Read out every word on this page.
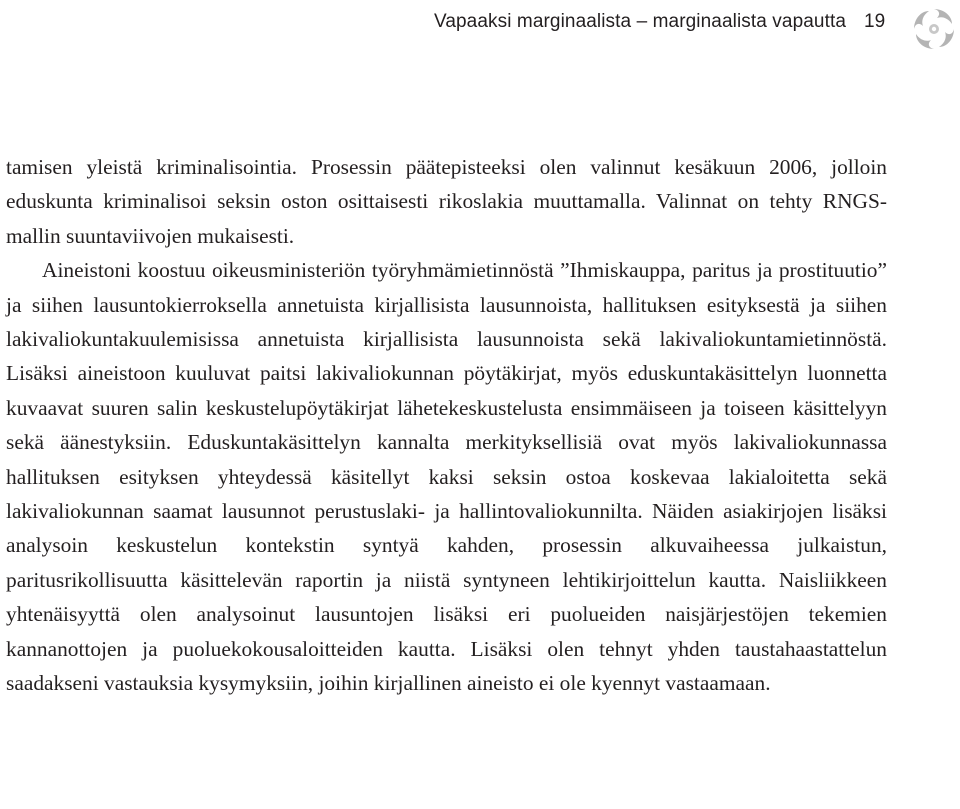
Vapaaksi marginaalista – marginaalista vapautta 19

tamisen yleistä kriminalisointia. Prosessin päätepisteeksi olen valinnut kesäkuun 2006, jolloin eduskunta kriminalisoi seksin oston osittaisesti rikoslakia muuttamalla. Valinnat on tehty RNGS-mallin suuntaviivojen mukaisesti.

Aineistoni koostuu oikeusministeriön työryhmämietinnöstä ”Ihmiskauppa, paritus ja prostituutio” ja siihen lausuntokierroksella annetuista kirjallisista lausunnoista, hallituksen esityksestä ja siihen lakivaliokuntakuulemisissa annetuista kirjallisista lausunnoista sekä lakivaliokuntamietinnöstä. Lisäksi aineistoon kuuluvat paitsi lakivaliokunnan pöytäkirjat, myös eduskuntakäsittelyn luonnetta kuvaavat suuren salin keskustelupöytäkirjat lähetekeskustelusta ensimmäiseen ja toiseen käsittelyyn sekä äänestyksiin. Eduskuntakäsittelyn kannalta merkityksellisiä ovat myös lakivaliokunnassa hallituksen esityksen yhteydessä käsitellyt kaksi seksin ostoa koskevaa lakialoitetta sekä lakivaliokunnan saamat lausunnot perustuslaki- ja hallintovaliokunnilta. Näiden asiakirjojen lisäksi analysoin keskustelun kontekstin syntyä kahden, prosessin alkuvaiheessa julkaistun, paritusrikollisuutta käsittelevän raportin ja niistä syntyneen lehtikirjoittelun kautta. Naisliikkeen yhtenäisyyttä olen analysoinut lausuntojen lisäksi eri puolueiden naisjärjestöjen tekemien kannanottojen ja puoluekokousaloitteiden kautta. Lisäksi olen tehnyt yhden taustahaastattelun saadakseni vastauksia kysymyksiin, joihin kirjallinen aineisto ei ole kyennyt vastaamaan.
